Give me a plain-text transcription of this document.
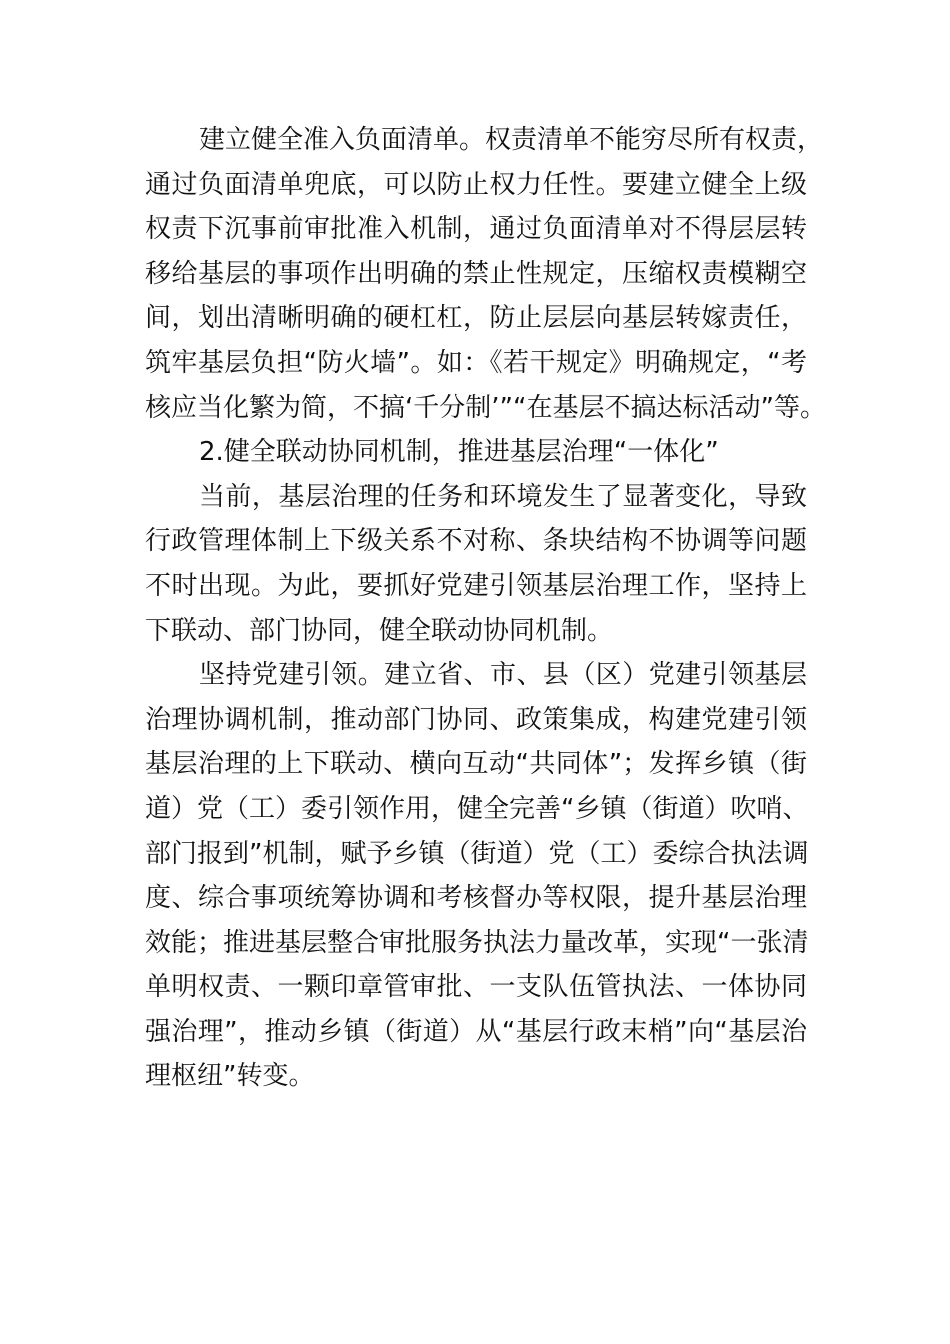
建立健全准入负面清单。权责清单不能穷尽所有权责，
通过负面清单兜底，可以防止权力任性。要建立健全上级
权责下沉事前审批准入机制，通过负面清单对不得层层转
移给基层的事项作出明确的禁止性规定，压缩权责模糊空
间，划出清晰明确的硬杠杠，防止层层向基层转嫁责任，
筑牢基层负担“防火墙”。如：《若干规定》明确规定，“考
核应当化繁为简，不搞‘千分制’”“在基层不搞达标活动”等。
2.健全联动协同机制，推进基层治理“一体化”
当前，基层治理的任务和环境发生了显著变化，导致
行政管理体制上下级关系不对称、条块结构不协调等问题
不时出现。为此，要抓好党建引领基层治理工作，坚持上
下联动、部门协同，健全联动协同机制。
坚持党建引领。建立省、市、县（区）党建引领基层
治理协调机制，推动部门协同、政策集成，构建党建引领
基层治理的上下联动、横向互动“共同体”；发挥乡镇（街
道）党（工）委引领作用，健全完善“乡镇（街道）吹哨、
部门报到”机制，赋予乡镇（街道）党（工）委综合执法调
度、综合事项统筹协调和考核督办等权限，提升基层治理
效能；推进基层整合审批服务执法力量改革，实现“一张清
单明权责、一颗印章管审批、一支队伍管执法、一体协同
强治理”，推动乡镇（街道）从“基层行政末梢”向“基层治
理枢纽”转变。
